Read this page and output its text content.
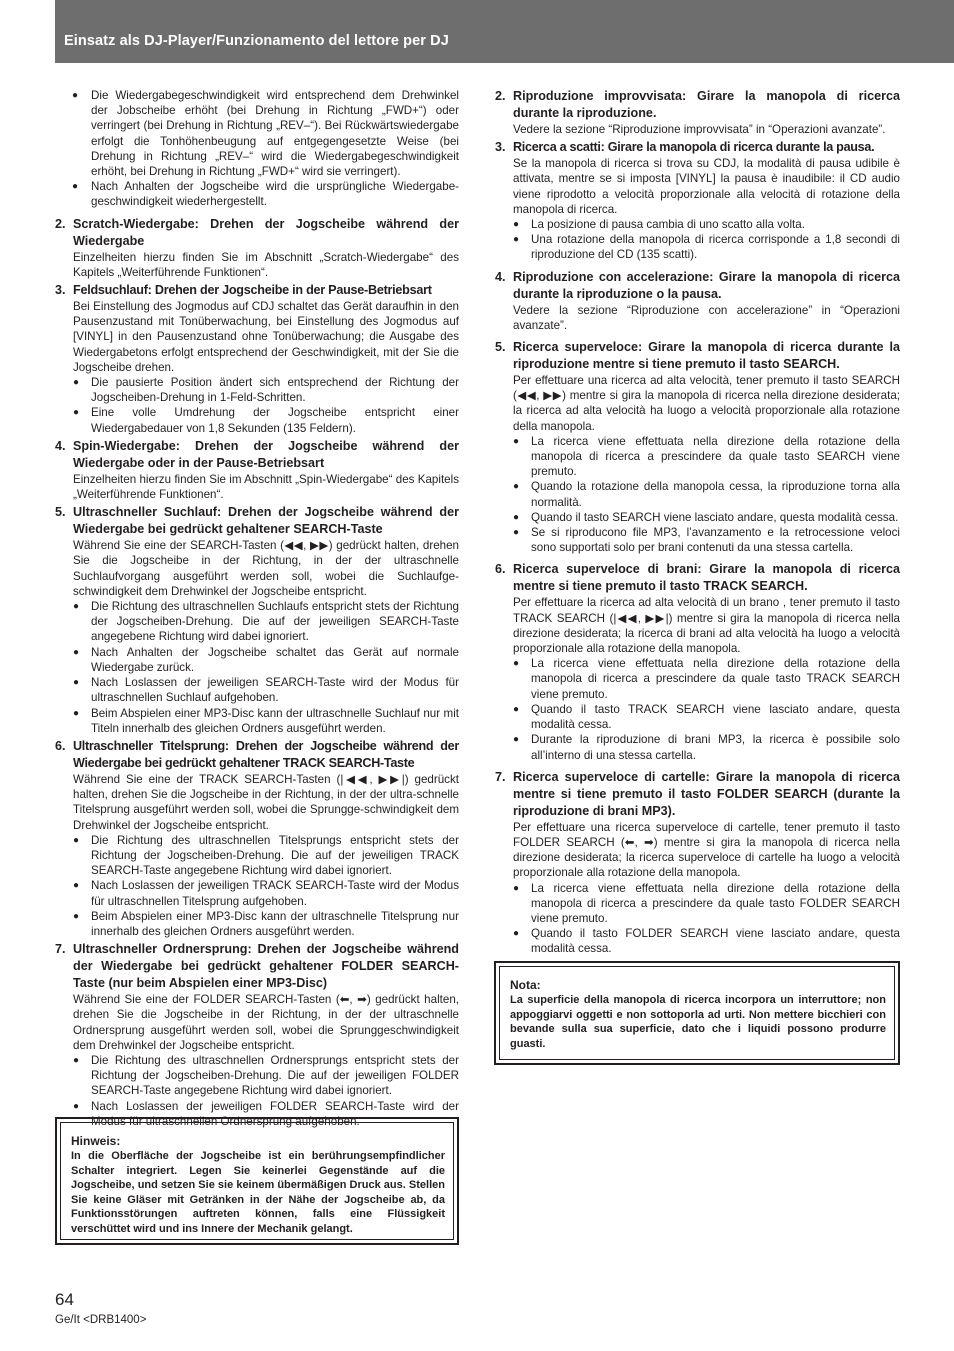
Einsatz als DJ-Player/Funzionamento del lettore per DJ
● Die Wiedergabegeschwindigkeit wird entsprechend dem Drehwinkel der Jobscheibe erhöht (bei Drehung in Richtung „FWD+“) oder verringert (bei Drehung in Richtung „REV–“). Bei Rückwärtswiedergabe erfolgt die Tonhöhenbeugung auf entgegengesetzte Weise (bei Drehung in Richtung „REV–“ wird die Wiedergabegeschwindigkeit erhöht, bei Drehung in Richtung „FWD+“ wird sie verringert).
● Nach Anhalten der Jogscheibe wird die ursprüngliche Wiedergabe-geschwindigkeit wiederhergestellt.
2. Scratch-Wiedergabe: Drehen der Jogscheibe während der Wiedergabe
Einzelheiten hierzu finden Sie im Abschnitt „Scratch-Wiedergabe“ des Kapitels „Weiterführende Funktionen“.
3. Feldsuchlauf: Drehen der Jogscheibe in der Pause-Betriebsart
Bei Einstellung des Jogmodus auf CDJ schaltet das Gerät daraufhin in den Pausenzustand mit Tonüberwachung, bei Einstellung des Jogmodus auf [VINYL] in den Pausenzustand ohne Tonüberwachung; die Ausgabe des Wiedergabetons erfolgt entsprechend der Geschwindigkeit, mit der Sie die Jogscheibe drehen.
● Die pausierte Position ändert sich entsprechend der Richtung der Jogscheiben-Drehung in 1-Feld-Schritten.
● Eine volle Umdrehung der Jogscheibe entspricht einer Wiedergabedauer von 1,8 Sekunden (135 Feldern).
4. Spin-Wiedergabe: Drehen der Jogscheibe während der Wiedergabe oder in der Pause-Betriebsart
Einzelheiten hierzu finden Sie im Abschnitt „Spin-Wiedergabe“ des Kapitels „Weiterführende Funktionen“.
5. Ultraschneller Suchlauf: Drehen der Jogscheibe während der Wiedergabe bei gedrückt gehaltener SEARCH-Taste
Während Sie eine der SEARCH-Tasten (◀◀, ▶▶) gedrückt halten, drehen Sie die Jogscheibe in der Richtung, in der der ultraschnelle Suchlaufvorgang ausgeführt werden soll, wobei die Suchlaufge-schwindigkeit dem Drehwinkel der Jogscheibe entspricht.
● Die Richtung des ultraschnellen Suchlaufs entspricht stets der Richtung der Jogscheiben-Drehung. Die auf der jeweiligen SEARCH-Taste angegebene Richtung wird dabei ignoriert.
● Nach Anhalten der Jogscheibe schaltet das Gerät auf normale Wiedergabe zurück.
● Nach Loslassen der jeweiligen SEARCH-Taste wird der Modus für ultraschnellen Suchlauf aufgehoben.
● Beim Abspielen einer MP3-Disc kann der ultraschnelle Suchlauf nur mit Titeln innerhalb des gleichen Ordners ausgeführt werden.
6. Ultraschneller Titelsprung: Drehen der Jogscheibe während der Wiedergabe bei gedrückt gehaltener TRACK SEARCH-Taste
Während Sie eine der TRACK SEARCH-Tasten (|◀◀, ▶▶|) gedrückt halten, drehen Sie die Jogscheibe in der Richtung, in der der ultra-schnelle Titelsprung ausgeführt werden soll, wobei die Sprungge-schwindigkeit dem Drehwinkel der Jogscheibe entspricht.
● Die Richtung des ultraschnellen Titelsprungs entspricht stets der Richtung der Jogscheiben-Drehung. Die auf der jeweiligen TRACK SEARCH-Taste angegebene Richtung wird dabei ignoriert.
● Nach Loslassen der jeweiligen TRACK SEARCH-Taste wird der Modus für ultraschnellen Titelsprung aufgehoben.
● Beim Abspielen einer MP3-Disc kann der ultraschnelle Titelsprung nur innerhalb des gleichen Ordners ausgeführt werden.
7. Ultraschneller Ordnersprung: Drehen der Jogscheibe während der Wiedergabe bei gedrückt gehaltener FOLDER SEARCH-Taste (nur beim Abspielen einer MP3-Disc)
Während Sie eine der FOLDER SEARCH-Tasten (⬅, ➡) gedrückt halten, drehen Sie die Jogscheibe in der Richtung, in der der ultraschnelle Ordnersprung ausgeführt werden soll, wobei die Sprunggeschwindigkeit dem Drehwinkel der Jogscheibe entspricht.
● Die Richtung des ultraschnellen Ordnersprungs entspricht stets der Richtung der Jogscheiben-Drehung. Die auf der jeweiligen FOLDER SEARCH-Taste angegebene Richtung wird dabei ignoriert.
● Nach Loslassen der jeweiligen FOLDER SEARCH-Taste wird der Modus für ultraschnellen Ordnersprung aufgehoben.
Hinweis:
In die Oberfläche der Jogscheibe ist ein berührungsempfindlicher Schalter integriert. Legen Sie keinerlei Gegenstände auf die Jogscheibe, und setzen Sie sie keinem übermäßigen Druck aus. Stellen Sie keine Gläser mit Getränken in der Nähe der Jogscheibe ab, da Funktionsstörungen auftreten können, falls eine Flüssigkeit verschüttet wird und ins Innere der Mechanik gelangt.
2. Riproduzione improvvisata: Girare la manopola di ricerca durante la riproduzione.
Vedere la sezione “Riproduzione improvvisata” in “Operazioni avanzate”.
3. Ricerca a scatti: Girare la manopola di ricerca durante la pausa.
Se la manopola di ricerca si trova su CDJ, la modalità di pausa udibile è attivata, mentre se si imposta [VINYL] la pausa è inaudibile: il CD audio viene riprodotto a velocità proporzionale alla velocità di rotazione della manopola di ricerca.
● La posizione di pausa cambia di uno scatto alla volta.
● Una rotazione della manopola di ricerca corrisponde a 1,8 secondi di riproduzione del CD (135 scatti).
4. Riproduzione con accelerazione: Girare la manopola di ricerca durante la riproduzione o la pausa.
Vedere la sezione “Riproduzione con accelerazione” in “Operazioni avanzate”.
5. Ricerca superveloce: Girare la manopola di ricerca durante la riproduzione mentre si tiene premuto il tasto SEARCH.
Per effettuare una ricerca ad alta velocità, tener premuto il tasto SEARCH (◀◀, ▶▶) mentre si gira la manopola di ricerca nella direzione desiderata; la ricerca ad alta velocità ha luogo a velocità proporzionale alla rotazione della manopola.
● La ricerca viene effettuata nella direzione della rotazione della manopola di ricerca a prescindere da quale tasto SEARCH viene premuto.
● Quando la rotazione della manopola cessa, la riproduzione torna alla normalità.
● Quando il tasto SEARCH viene lasciato andare, questa modalità cessa.
● Se si riproducono file MP3, l’avanzamento e la retrocessione veloci sono supportati solo per brani contenuti da una stessa cartella.
6. Ricerca superveloce di brani: Girare la manopola di ricerca mentre si tiene premuto il tasto TRACK SEARCH.
Per effettuare la ricerca ad alta velocità di un brano , tener premuto il tasto TRACK SEARCH (|◀◀, ▶▶|) mentre si gira la manopola di ricerca nella direzione desiderata; la ricerca di brani ad alta velocità ha luogo a velocità proporzionale alla rotazione della manopola.
● La ricerca viene effettuata nella direzione della rotazione della manopola di ricerca a prescindere da quale tasto TRACK SEARCH viene premuto.
● Quando il tasto TRACK SEARCH viene lasciato andare, questa modalità cessa.
● Durante la riproduzione di brani MP3, la ricerca è possibile solo all’interno di una stessa cartella.
7. Ricerca superveloce di cartelle: Girare la manopola di ricerca mentre si tiene premuto il tasto FOLDER SEARCH (durante la riproduzione di brani MP3).
Per effettuare una ricerca superveloce di cartelle, tener premuto il tasto FOLDER SEARCH (⬅, ➡) mentre si gira la manopola di ricerca nella direzione desiderata; la ricerca superveloce di cartelle ha luogo a velocità proporzionale alla rotazione della manopola.
● La ricerca viene effettuata nella direzione della rotazione della manopola di ricerca a prescindere da quale tasto FOLDER SEARCH viene premuto.
● Quando il tasto FOLDER SEARCH viene lasciato andare, questa modalità cessa.
Nota:
La superficie della manopola di ricerca incorpora un interruttore; non appoggiarvi oggetti e non sottoporla ad urti. Non mettere bicchieri con bevande sulla sua superficie, dato che i liquidi possono produrre guasti.
64
Ge/It <DRB1400>
